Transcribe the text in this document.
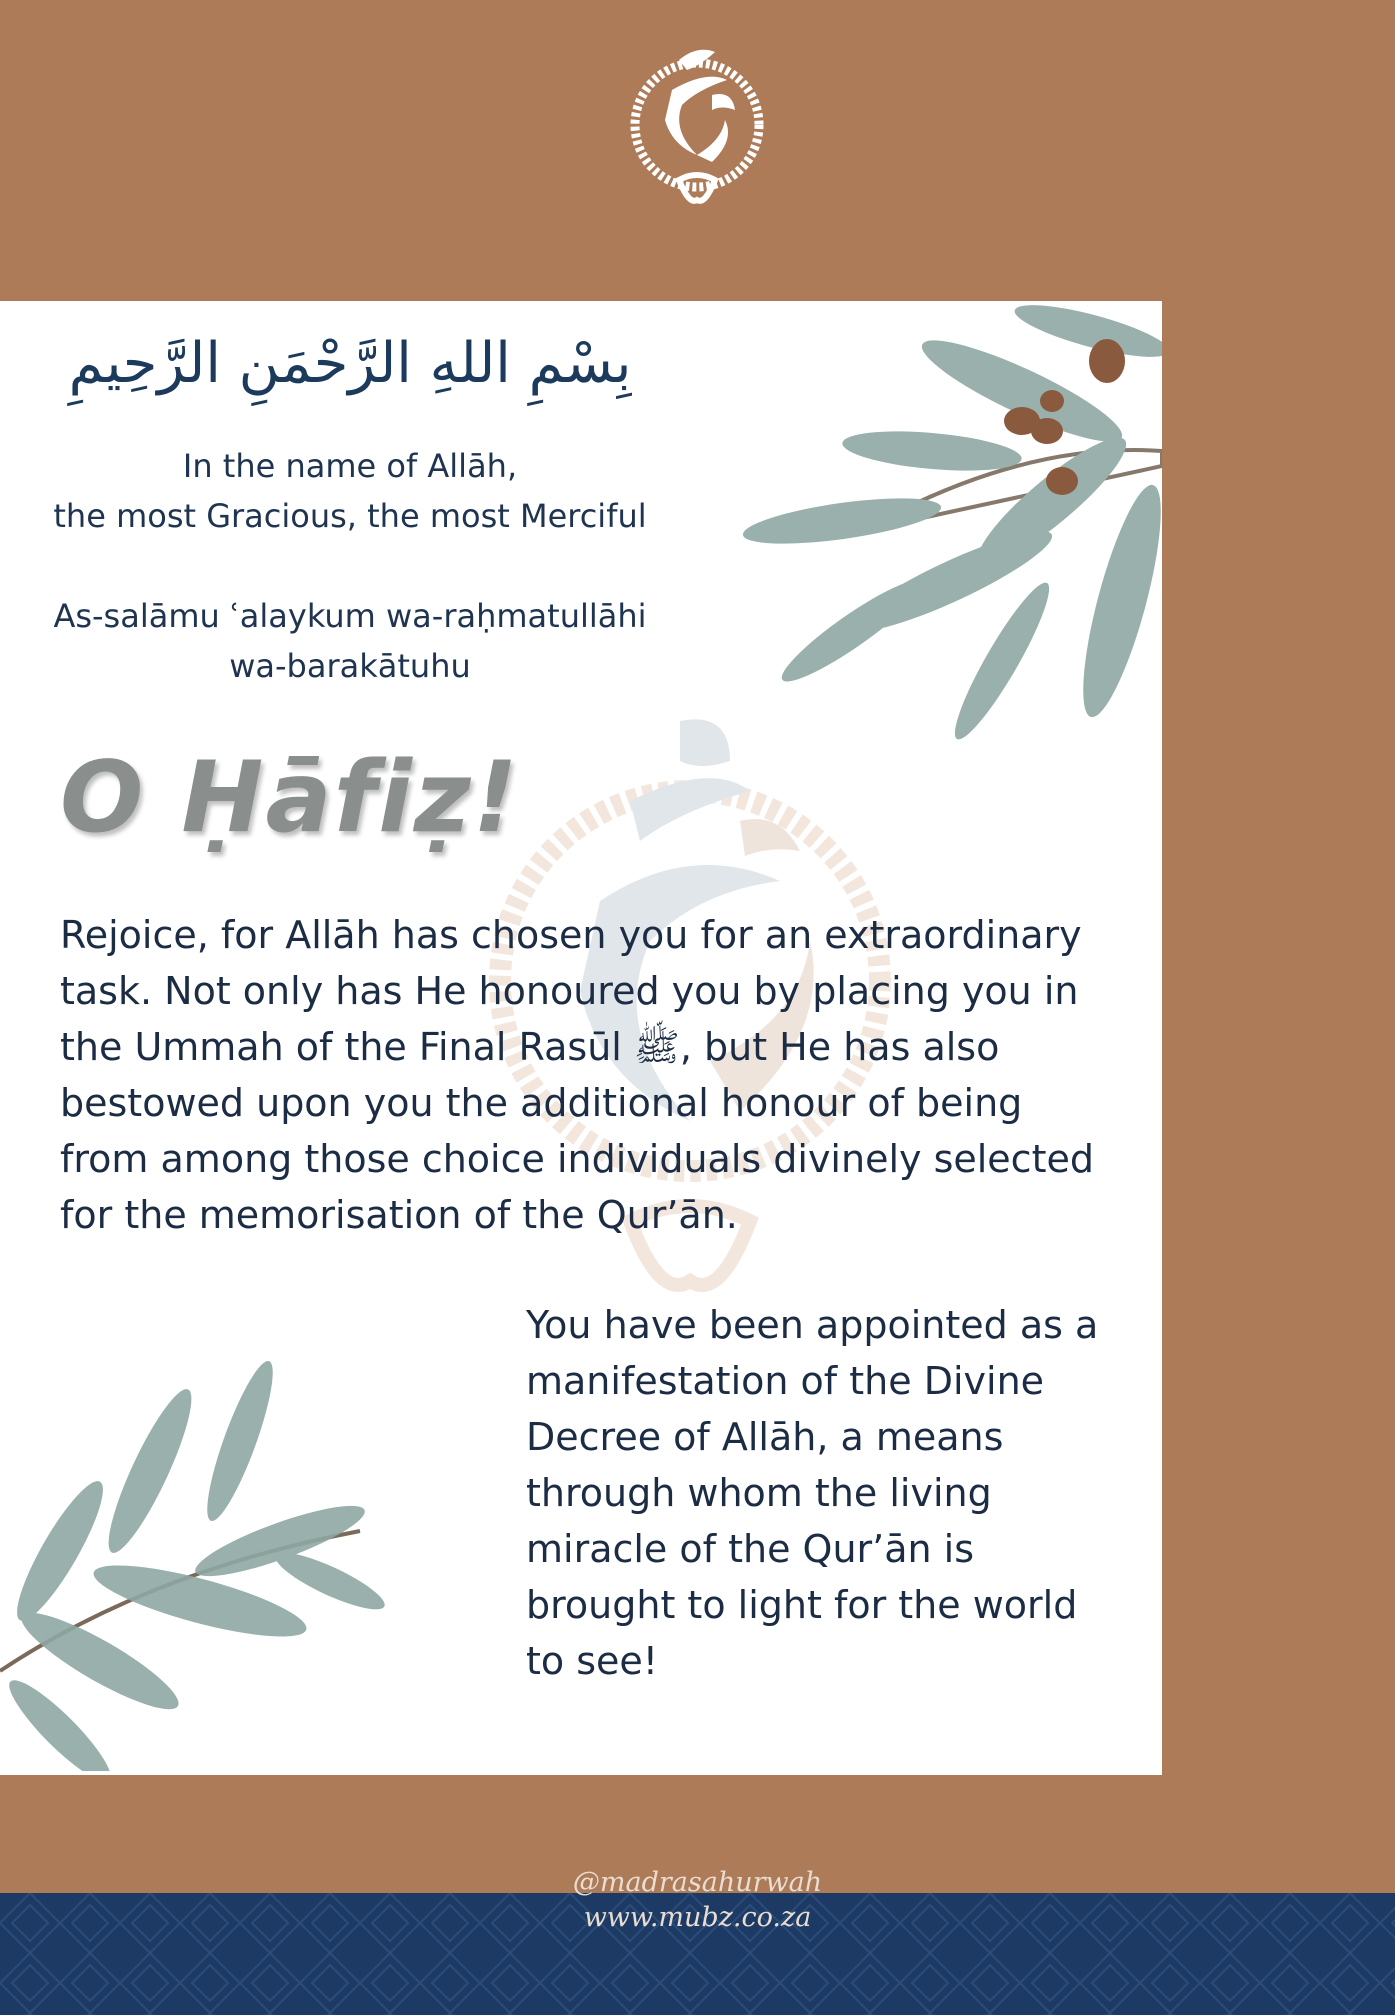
بِسْمِ اللهِ الرَّحْمَنِ الرَّحِيمِ
In the name of Allāh,
the most Gracious, the most Merciful
As-salāmu ʿalaykum wa-raḥmatullāhi
wa-barakātuhu
O Ḥāfiẓ!
Rejoice, for Allāh has chosen you for an extraordinary task. Not only has He honoured you by placing you in the Ummah of the Final Rasūl ﷺ, but He has also bestowed upon you the additional honour of being from among those choice individuals divinely selected for the memorisation of the Qur’ān.
You have been appointed as a manifestation of the Divine Decree of Allāh, a means through whom the living miracle of the Qur’ān is brought to light for the world to see!
@madrasahurwah
www.mubz.co.za
